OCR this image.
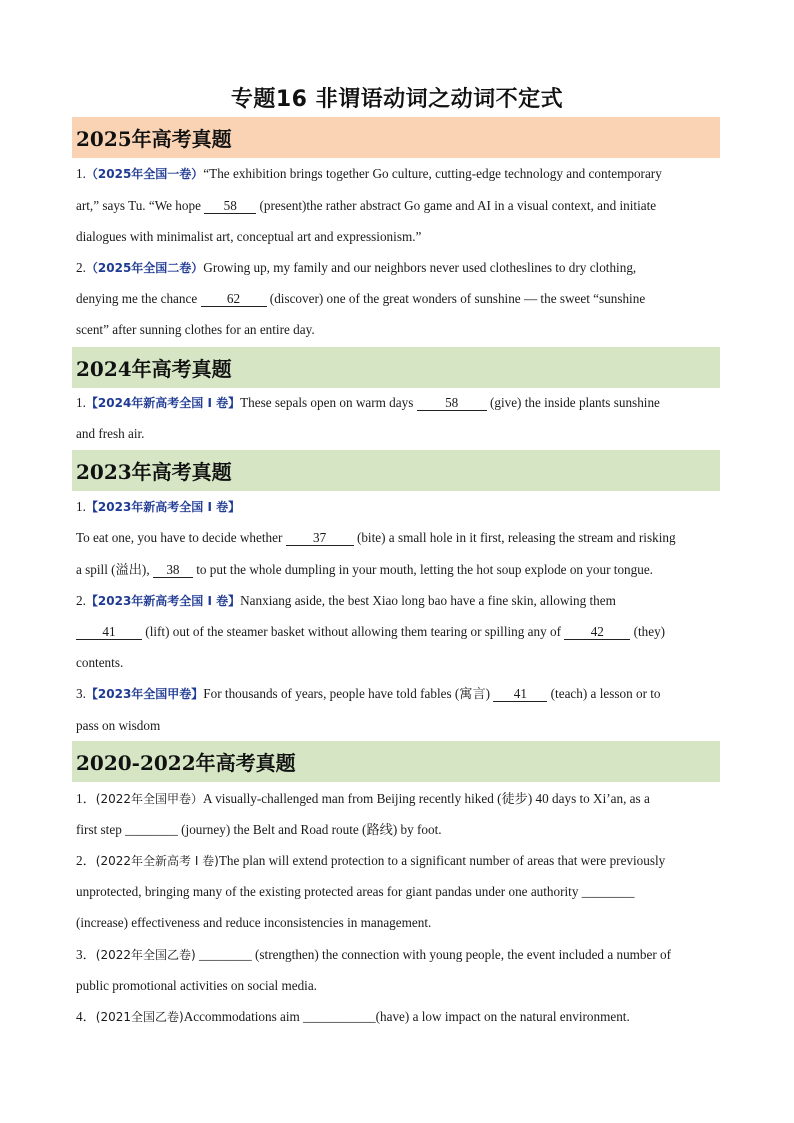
专题16 非谓语动词之动词不定式
2025年高考真题
1.（2025年全国一卷）“The exhibition brings together Go culture, cutting-edge technology and contemporary
art,” says Tu. “We hope 58 (present)the rather abstract Go game and AI in a visual context, and initiate
dialogues with minimalist art, conceptual art and expressionism.”
2.（2025年全国二卷）Growing up, my family and our neighbors never used clotheslines to dry clothing,
denying me the chance 62 (discover) one of the great wonders of sunshine — the sweet “sunshine
scent” after sunning clothes for an entire day.
2024年高考真题
1.【2024年新高考全国 I 卷】These sepals open on warm days 58 (give) the inside plants sunshine
and fresh air.
2023年高考真题
1.【2023年新高考全国 I 卷】
To eat one, you have to decide whether 37 (bite) a small hole in it first, releasing the stream and risking
a spill (溢出), 38 to put the whole dumpling in your mouth, letting the hot soup explode on your tongue.
2.【2023年新高考全国 I 卷】Nanxiang aside, the best Xiao long bao have a fine skin, allowing them
41 (lift) out of the steamer basket without allowing them tearing or spilling any of 42 (they)
contents.
3.【2023年全国甲卷】For thousands of years, people have told fables (寓言) 41 (teach) a lesson or to
pass on wisdom
2020-2022年高考真题
1．(2022年全国甲卷）A visually-challenged man from Beijing recently hiked (徒步) 40 days to Xi’an, as a
first step ________ (journey) the Belt and Road route (路线) by foot.
2．(2022年全新高考 I 卷)The plan will extend protection to a significant number of areas that were previously
unprotected, bringing many of the existing protected areas for giant pandas under one authority ________
(increase) effectiveness and reduce inconsistencies in management.
3．(2022年全国乙卷) ________ (strengthen) the connection with young people, the event included a number of
public promotional activities on social media.
4．(2021全国乙卷)Accommodations aim ___________(have) a low impact on the natural environment.
